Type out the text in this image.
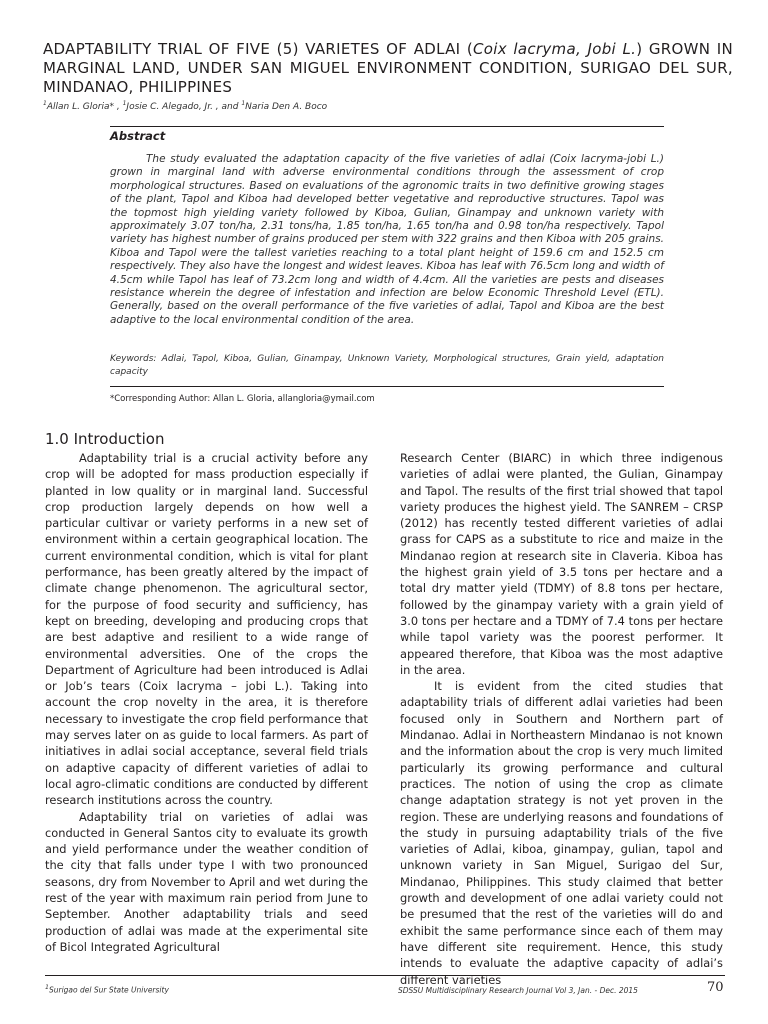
ADAPTABILITY TRIAL OF FIVE (5) VARIETES OF ADLAI (Coix lacryma, Jobi L.) GROWN IN MARGINAL LAND, UNDER SAN MIGUEL ENVIRONMENT CONDITION, SURIGAO DEL SUR, MINDANAO, PHILIPPINES
$^1$Allan L. Gloria* , $^1$Josie C. Alegado, Jr. , and $^1$Naria Den A. Boco
Abstract

The study evaluated the adaptation capacity of the five varieties of adlai (Coix lacryma-jobi L.) grown in marginal land with adverse environmental conditions through the assessment of crop morphological structures. Based on evaluations of the agronomic traits in two definitive growing stages of the plant, Tapol and Kiboa had developed better vegetative and reproductive structures. Tapol was the topmost high yielding variety followed by Kiboa, Gulian, Ginampay and unknown variety with approximately 3.07 ton/ha, 2.31 tons/ha, 1.85 ton/ha, 1.65 ton/ha and 0.98 ton/ha respectively. Tapol variety has highest number of grains produced per stem with 322 grains and then Kiboa with 205 grains. Kiboa and Tapol were the tallest varieties reaching to a total plant height of 159.6 cm and 152.5 cm respectively. They also have the longest and widest leaves. Kiboa has leaf with 76.5cm long and width of 4.5cm while Tapol has leaf of 73.2cm long and width of 4.4cm. All the varieties are pests and diseases resistance wherein the degree of infestation and infection are below Economic Threshold Level (ETL). Generally, based on the overall performance of the five varieties of adlai, Tapol and Kiboa are the best adaptive to the local environmental condition of the area.

Keywords: Adlai, Tapol, Kiboa, Gulian, Ginampay, Unknown Variety, Morphological structures, Grain yield, adaptation capacity

*Corresponding Author: Allan L. Gloria, allangloria@ymail.com
1.0 Introduction

Adaptability trial is a crucial activity before any crop will be adopted for mass production especially if planted in low quality or in marginal land. Successful crop production largely depends on how well a particular cultivar or variety performs in a new set of environment within a certain geographical location. The current environmental condition, which is vital for plant performance, has been greatly altered by the impact of climate change phenomenon. The agricultural sector, for the purpose of food security and sufficiency, has kept on breeding, developing and producing crops that are best adaptive and resilient to a wide range of environmental adversities. One of the crops the Department of Agriculture had been introduced is Adlai or Job’s tears (Coix lacryma – jobi L.). Taking into account the crop novelty in the area, it is therefore necessary to investigate the crop field performance that may serves later on as guide to local farmers. As part of initiatives in adlai social acceptance, several field trials on adaptive capacity of different varieties of adlai to local agro-climatic conditions are conducted by different research institutions across the country.

Adaptability trial on varieties of adlai was conducted in General Santos city to evaluate its growth and yield performance under the weather condition of the city that falls under type I with two pronounced seasons, dry from November to April and wet during the rest of the year with maximum rain period from June to September. Another adaptability trials and seed production of adlai was made at the experimental site of Bicol Integrated Agricultural

Research Center (BIARC) in which three indigenous varieties of adlai were planted, the Gulian, Ginampay and Tapol. The results of the first trial showed that tapol variety produces the highest yield. The SANREM – CRSP (2012) has recently tested different varieties of adlai grass for CAPS as a substitute to rice and maize in the Mindanao region at research site in Claveria. Kiboa has the highest grain yield of 3.5 tons per hectare and a total dry matter yield (TDMY) of 8.8 tons per hectare, followed by the ginampay variety with a grain yield of 3.0 tons per hectare and a TDMY of 7.4 tons per hectare while tapol variety was the poorest performer. It appeared therefore, that Kiboa was the most adaptive in the area.

It is evident from the cited studies that adaptability trials of different adlai varieties had been focused only in Southern and Northern part of Mindanao. Adlai in Northeastern Mindanao is not known and the information about the crop is very much limited particularly its growing performance and cultural practices. The notion of using the crop as climate change adaptation strategy is not yet proven in the region. These are underlying reasons and foundations of the study in pursuing adaptability trials of the five varieties of Adlai, kiboa, ginampay, gulian, tapol and unknown variety in San Miguel, Surigao del Sur, Mindanao, Philippines. This study claimed that better growth and development of one adlai variety could not be presumed that the rest of the varieties will do and exhibit the same performance since each of them may have different site requirement. Hence, this study intends to evaluate the adaptive capacity of adlai’s different varieties

$^1$Surigao del Sur State University	SDSSU Multidisciplinary Research Journal Vol 3, Jan. - Dec. 2015	70
